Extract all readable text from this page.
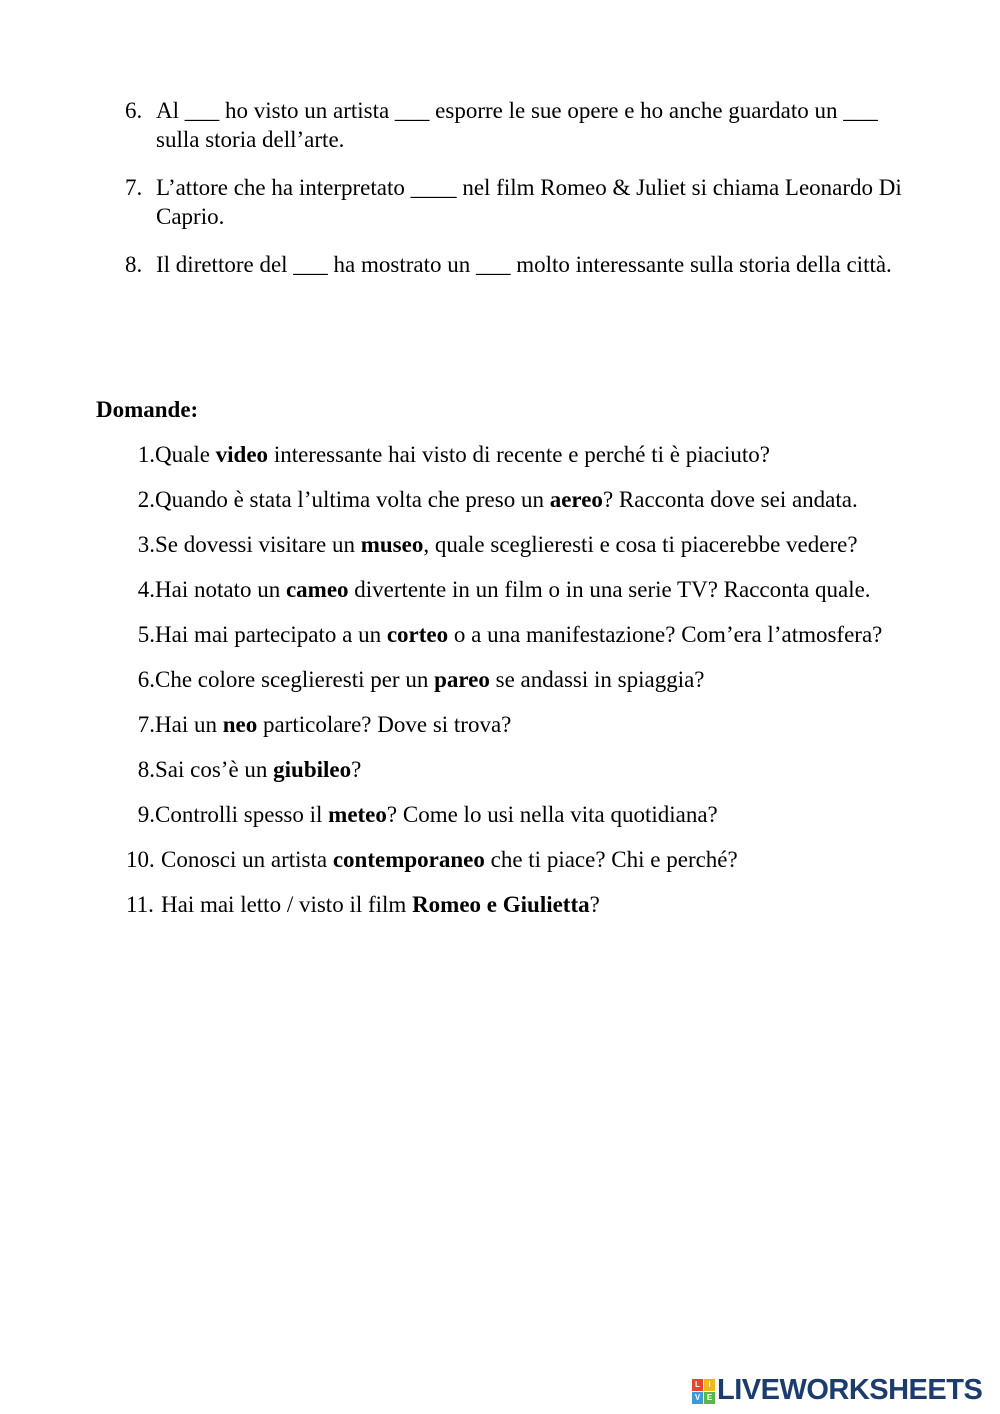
6. Al ___ ho visto un artista ___ esporre le sue opere e ho anche guardato un ___ sulla storia dell’arte.
7. L’attore che ha interpretato ____ nel film Romeo & Juliet si chiama Leonardo Di Caprio.
8. Il direttore del ___ ha mostrato un ___ molto interessante sulla storia della città.
Domande:
1. Quale video interessante hai visto di recente e perché ti è piaciuto?
2. Quando è stata l’ultima volta che preso un aereo? Racconta dove sei andata.
3. Se dovessi visitare un museo, quale sceglieresti e cosa ti piacerebbe vedere?
4. Hai notato un cameo divertente in un film o in una serie TV? Racconta quale.
5. Hai mai partecipato a un corteo o a una manifestazione? Com’era l’atmosfera?
6. Che colore sceglieresti per un pareo se andassi in spiaggia?
7. Hai un neo particolare? Dove si trova?
8. Sai cos’è un giubileo?
9. Controlli spesso il meteo? Come lo usi nella vita quotidiana?
10. Conosci un artista contemporaneo che ti piace? Chi e perché?
11. Hai mai letto / visto il film Romeo e Giulietta?
L	I
V E LIVEWORKSHEETS
